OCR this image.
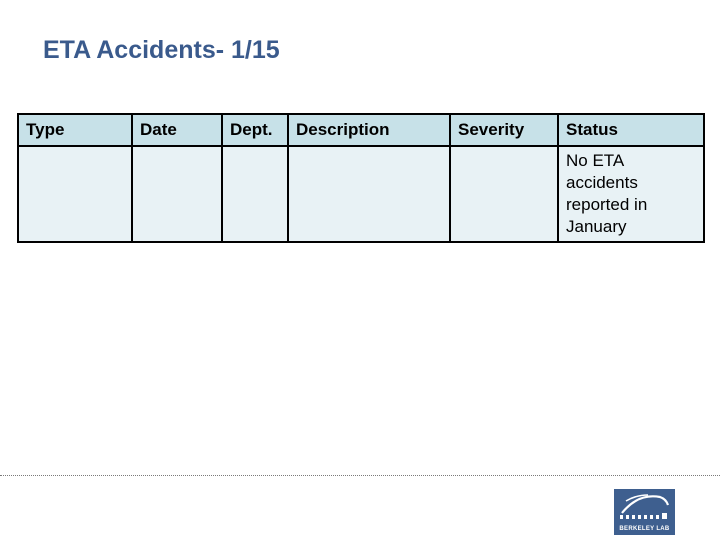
ETA Accidents- 1/15
Type	Date	Dept.	Description	Severity	Status
					No ETA accidents reported in January
BERKELEY LAB
